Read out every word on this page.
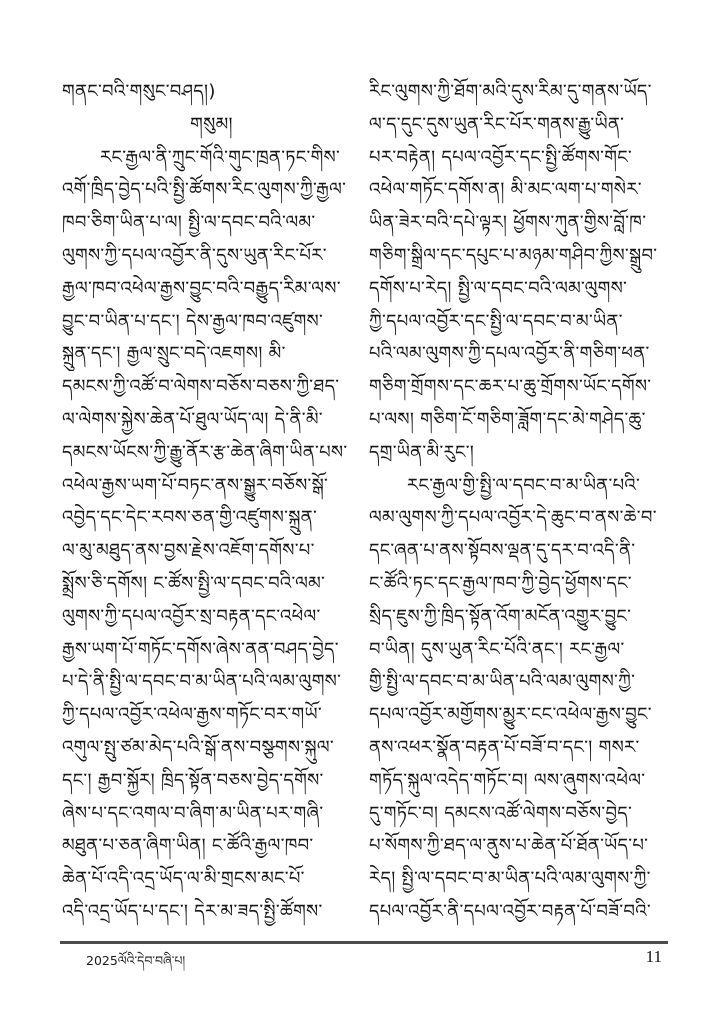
གནང་བའི་གསུང་བཤད།)
གསུམ།
རང་རྒྱལ་ནི་ཀྲུང་གོའི་གུང་ཁྲན་ཏང་གིས་
འགོ་ཁྲིད་བྱེད་པའི་སྤྱི་ཚོགས་རིང་ལུགས་ཀྱི་རྒྱལ་
ཁབ་ཅིག་ཡིན་པ་ལ། སྤྱི་ལ་དབང་བའི་ལམ་
ལུགས་ཀྱི་དཔལ་འབྱོར་ནི་དུས་ཡུན་རིང་པོར་
རྒྱལ་ཁབ་འཕེལ་རྒྱས་བྱུང་བའི་བརྒྱུད་རིམ་ལས་
བྱུང་བ་ཡིན་པ་དང་། དེས་རྒྱལ་ཁབ་འཛུགས་
སྐྲུན་དང་། རྒྱལ་སྲུང་བདེ་འཇགས། མི་
དམངས་ཀྱི་འཚོ་བ་ལེགས་བཅོས་བཅས་ཀྱི་ཐད་
ལ་ལེགས་སྐྱེས་ཆེན་པོ་ཐུལ་ཡོད་ལ། དེ་ནི་མི་
དམངས་ཡོངས་ཀྱི་རྒྱུ་ནོར་རྩ་ཆེན་ཞིག་ཡིན་པས་
འཕེལ་རྒྱས་ཡག་པོ་བཏང་ནས་སྒྱུར་བཅོས་སྒོ་
འབྱེད་དང་དེང་རབས་ཅན་གྱི་འཛུགས་སྐྲུན་
ལ་མུ་མཐུད་ནས་བྱས་རྗེས་འཇོག་དགོས་པ་
སྨྲོས་ཅི་དགོས། ང་ཚོས་སྤྱི་ལ་དབང་བའི་ལམ་
ལུགས་ཀྱི་དཔལ་འབྱོར་སྲ་བརྟན་དང་འཕེལ་
རྒྱས་ཡག་པོ་གཏོང་དགོས་ཞེས་ནན་བཤད་བྱེད་
པ་དེ་ནི་སྤྱི་ལ་དབང་བ་མ་ཡིན་པའི་ལམ་ལུགས་
ཀྱི་དཔལ་འབྱོར་འཕེལ་རྒྱས་གཏོང་བར་གཡོ་
འགུལ་སྤུ་ཙམ་མེད་པའི་སྒོ་ནས་བསྩགས་སྐུལ་
དང་། རྒྱབ་སྐྱོར། ཁྲིད་སྟོན་བཅས་བྱེད་དགོས་
ཞེས་པ་དང་འགལ་བ་ཞིག་མ་ཡིན་པར་གཞི་
མཐུན་པ་ཅན་ཞིག་ཡིན། ང་ཚོའི་རྒྱལ་ཁབ་
ཆེན་པོ་འདི་འདྲ་ཡོད་ལ་མི་གྲངས་མང་པོ་
འདི་འདྲ་ཡོད་པ་དང་། དེར་མ་ཟད་སྤྱི་ཚོགས་
རིང་ལུགས་ཀྱི་ཐོག་མའི་དུས་རིམ་དུ་གནས་ཡོད་
ལ་ད་དུང་དུས་ཡུན་རིང་པོར་གནས་རྒྱུ་ཡིན་
པར་བརྟེན། དཔལ་འབྱོར་དང་སྤྱི་ཚོགས་གོང་
འཕེལ་གཏོང་དགོས་ན། མི་མང་ལག་པ་གསེར་
ཡིན་ཟེར་བའི་དཔེ་ལྟར། ཕྱོགས་ཀུན་གྱིས་བློ་ཁ་
གཅིག་སྒྲིལ་དང་དཔུང་པ་མཉམ་གཤིབ་ཀྱིས་སྒྲུབ་
དགོས་པ་རེད། སྤྱི་ལ་དབང་བའི་ལམ་ལུགས་
ཀྱི་དཔལ་འབྱོར་དང་སྤྱི་ལ་དབང་བ་མ་ཡིན་
པའི་ལམ་ལུགས་ཀྱི་དཔལ་འབྱོར་ནི་གཅིག་ཕན་
གཅིག་གྲོགས་དང་ཆར་པ་ཆུ་གྲོགས་ཡོང་དགོས་
པ་ལས། གཅིག་ངོ་གཅིག་ཟློག་དང་མེ་གཤེད་ཆུ་
དགྲ་ཡིན་མི་རུང་།
རང་རྒྱལ་གྱི་སྤྱི་ལ་དབང་བ་མ་ཡིན་པའི་
ལམ་ལུགས་ཀྱི་དཔལ་འབྱོར་དེ་ཆུང་བ་ནས་ཆེ་བ་
དང་ཞན་པ་ནས་སྟོབས་ལྡན་དུ་དར་བ་འདི་ནི་
ང་ཚོའི་ཏང་དང་རྒྱལ་ཁབ་ཀྱི་བྱེད་ཕྱོགས་དང་
སྲིད་ཇུས་ཀྱི་ཁྲིད་སྟོན་འོག་མངོན་འགྱུར་བྱུང་
བ་ཡིན། དུས་ཡུན་རིང་པོའི་ནང་། རང་རྒྱལ་
གྱི་སྤྱི་ལ་དབང་བ་མ་ཡིན་པའི་ལམ་ལུགས་ཀྱི་
དཔལ་འབྱོར་མགྱོགས་མྱུར་ངང་འཕེལ་རྒྱས་བྱུང་
ནས་འཕར་སྣོན་བརྟན་པོ་བཟོ་བ་དང་། གསར་
གཏོད་སྐུལ་འདེད་གཏོང་བ། ལས་ཞུགས་འཕེལ་
དུ་གཏོང་བ། དམངས་འཚོ་ལེགས་བཅོས་བྱེད་
པ་སོགས་ཀྱི་ཐད་ལ་ནུས་པ་ཆེན་པོ་ཐོན་ཡོད་པ་
རེད། སྤྱི་ལ་དབང་བ་མ་ཡིན་པའི་ལམ་ལུགས་ཀྱི་
དཔལ་འབྱོར་ནི་དཔལ་འབྱོར་བརྟན་པོ་བཟོ་བའི་
2025ལོའི་དེབ་བཞི་པ།	11
